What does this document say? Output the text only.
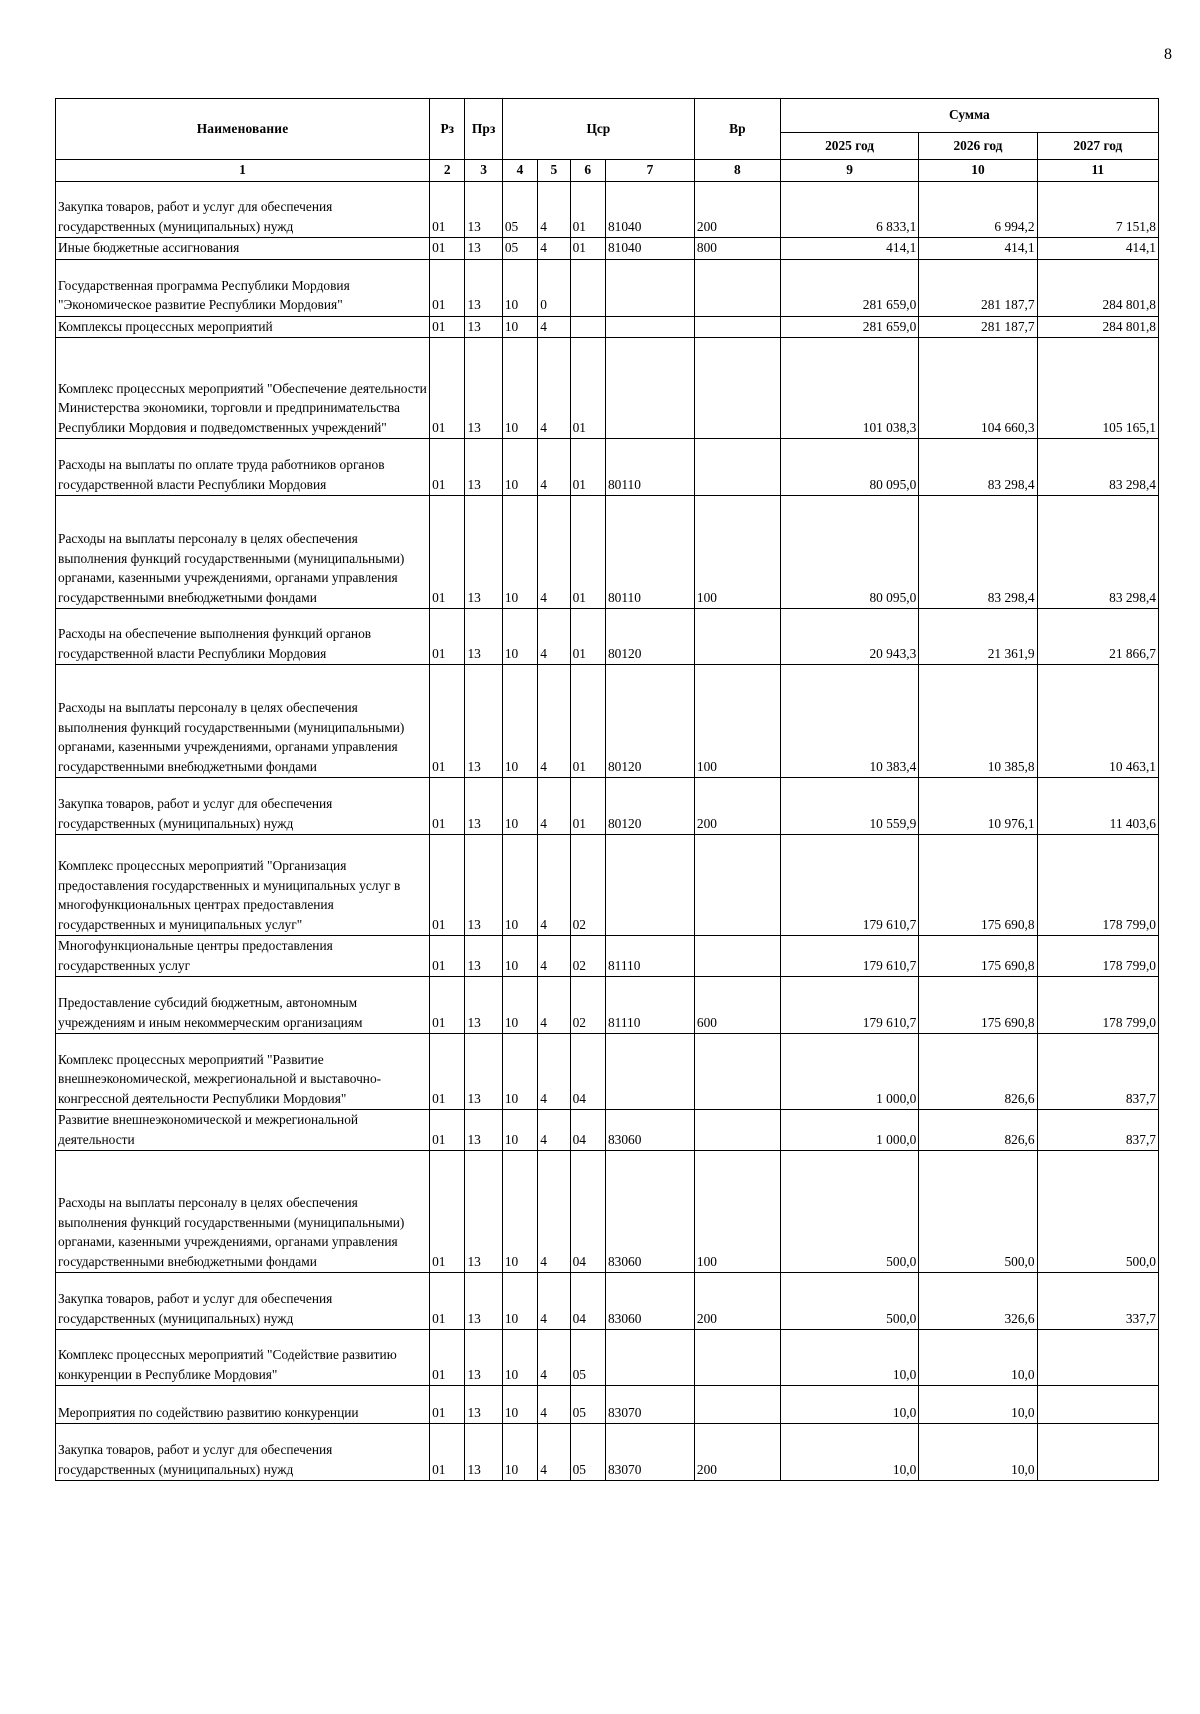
8
Наименование	Рз	Прз	Цср				Вр	Сумма		
								2025 год	2026 год	2027 год
1	2	3	4	5	6	7	8	9	10	11
Закупка товаров, работ и услуг для обеспечения государственных (муниципальных) нужд	01	13	05	4	01	81040	200	6 833,1	6 994,2	7 151,8
Иные бюджетные ассигнования	01	13	05	4	01	81040	800	414,1	414,1	414,1
Государственная программа Республики Мордовия "Экономическое развитие Республики Мордовия"	01	13	10	0				281 659,0	281 187,7	284 801,8
Комплексы процессных мероприятий	01	13	10	4				281 659,0	281 187,7	284 801,8
Комплекс процессных мероприятий "Обеспечение деятельности Министерства экономики, торговли и предпринимательства Республики Мордовия и подведомственных учреждений"	01	13	10	4	01			101 038,3	104 660,3	105 165,1
Расходы на выплаты по оплате труда работников органов государственной власти Республики Мордовия	01	13	10	4	01	80110		80 095,0	83 298,4	83 298,4
Расходы на выплаты персоналу в целях обеспечения выполнения функций государственными (муниципальными) органами, казенными учреждениями, органами управления государственными внебюджетными фондами	01	13	10	4	01	80110	100	80 095,0	83 298,4	83 298,4
Расходы на обеспечение выполнения функций органов государственной власти Республики Мордовия	01	13	10	4	01	80120		20 943,3	21 361,9	21 866,7
Расходы на выплаты персоналу в целях обеспечения выполнения функций государственными (муниципальными) органами, казенными учреждениями, органами управления государственными внебюджетными фондами	01	13	10	4	01	80120	100	10 383,4	10 385,8	10 463,1
Закупка товаров, работ и услуг для обеспечения государственных (муниципальных) нужд	01	13	10	4	01	80120	200	10 559,9	10 976,1	11 403,6
Комплекс процессных мероприятий "Организация предоставления государственных и муниципальных услуг в многофункциональных центрах предоставления государственных и муниципальных услуг"	01	13	10	4	02			179 610,7	175 690,8	178 799,0
Многофункциональные центры предоставления государственных услуг	01	13	10	4	02	81110		179 610,7	175 690,8	178 799,0
Предоставление субсидий бюджетным, автономным учреждениям и иным некоммерческим организациям	01	13	10	4	02	81110	600	179 610,7	175 690,8	178 799,0
Комплекс процессных мероприятий "Развитие внешнеэкономической, межрегиональной и выставочно-конгрессной деятельности Республики Мордовия"	01	13	10	4	04			1 000,0	826,6	837,7
Развитие внешнеэкономической и межрегиональной деятельности	01	13	10	4	04	83060		1 000,0	826,6	837,7
Расходы на выплаты персоналу в целях обеспечения выполнения функций государственными (муниципальными) органами, казенными учреждениями, органами управления государственными внебюджетными фондами	01	13	10	4	04	83060	100	500,0	500,0	500,0
Закупка товаров, работ и услуг для обеспечения государственных (муниципальных) нужд	01	13	10	4	04	83060	200	500,0	326,6	337,7
Комплекс процессных мероприятий "Содействие развитию конкуренции в Республике Мордовия"	01	13	10	4	05			10,0	10,0	
Мероприятия по содействию развитию конкуренции	01	13	10	4	05	83070		10,0	10,0	
Закупка товаров, работ и услуг для обеспечения государственных (муниципальных) нужд	01	13	10	4	05	83070	200	10,0	10,0	
